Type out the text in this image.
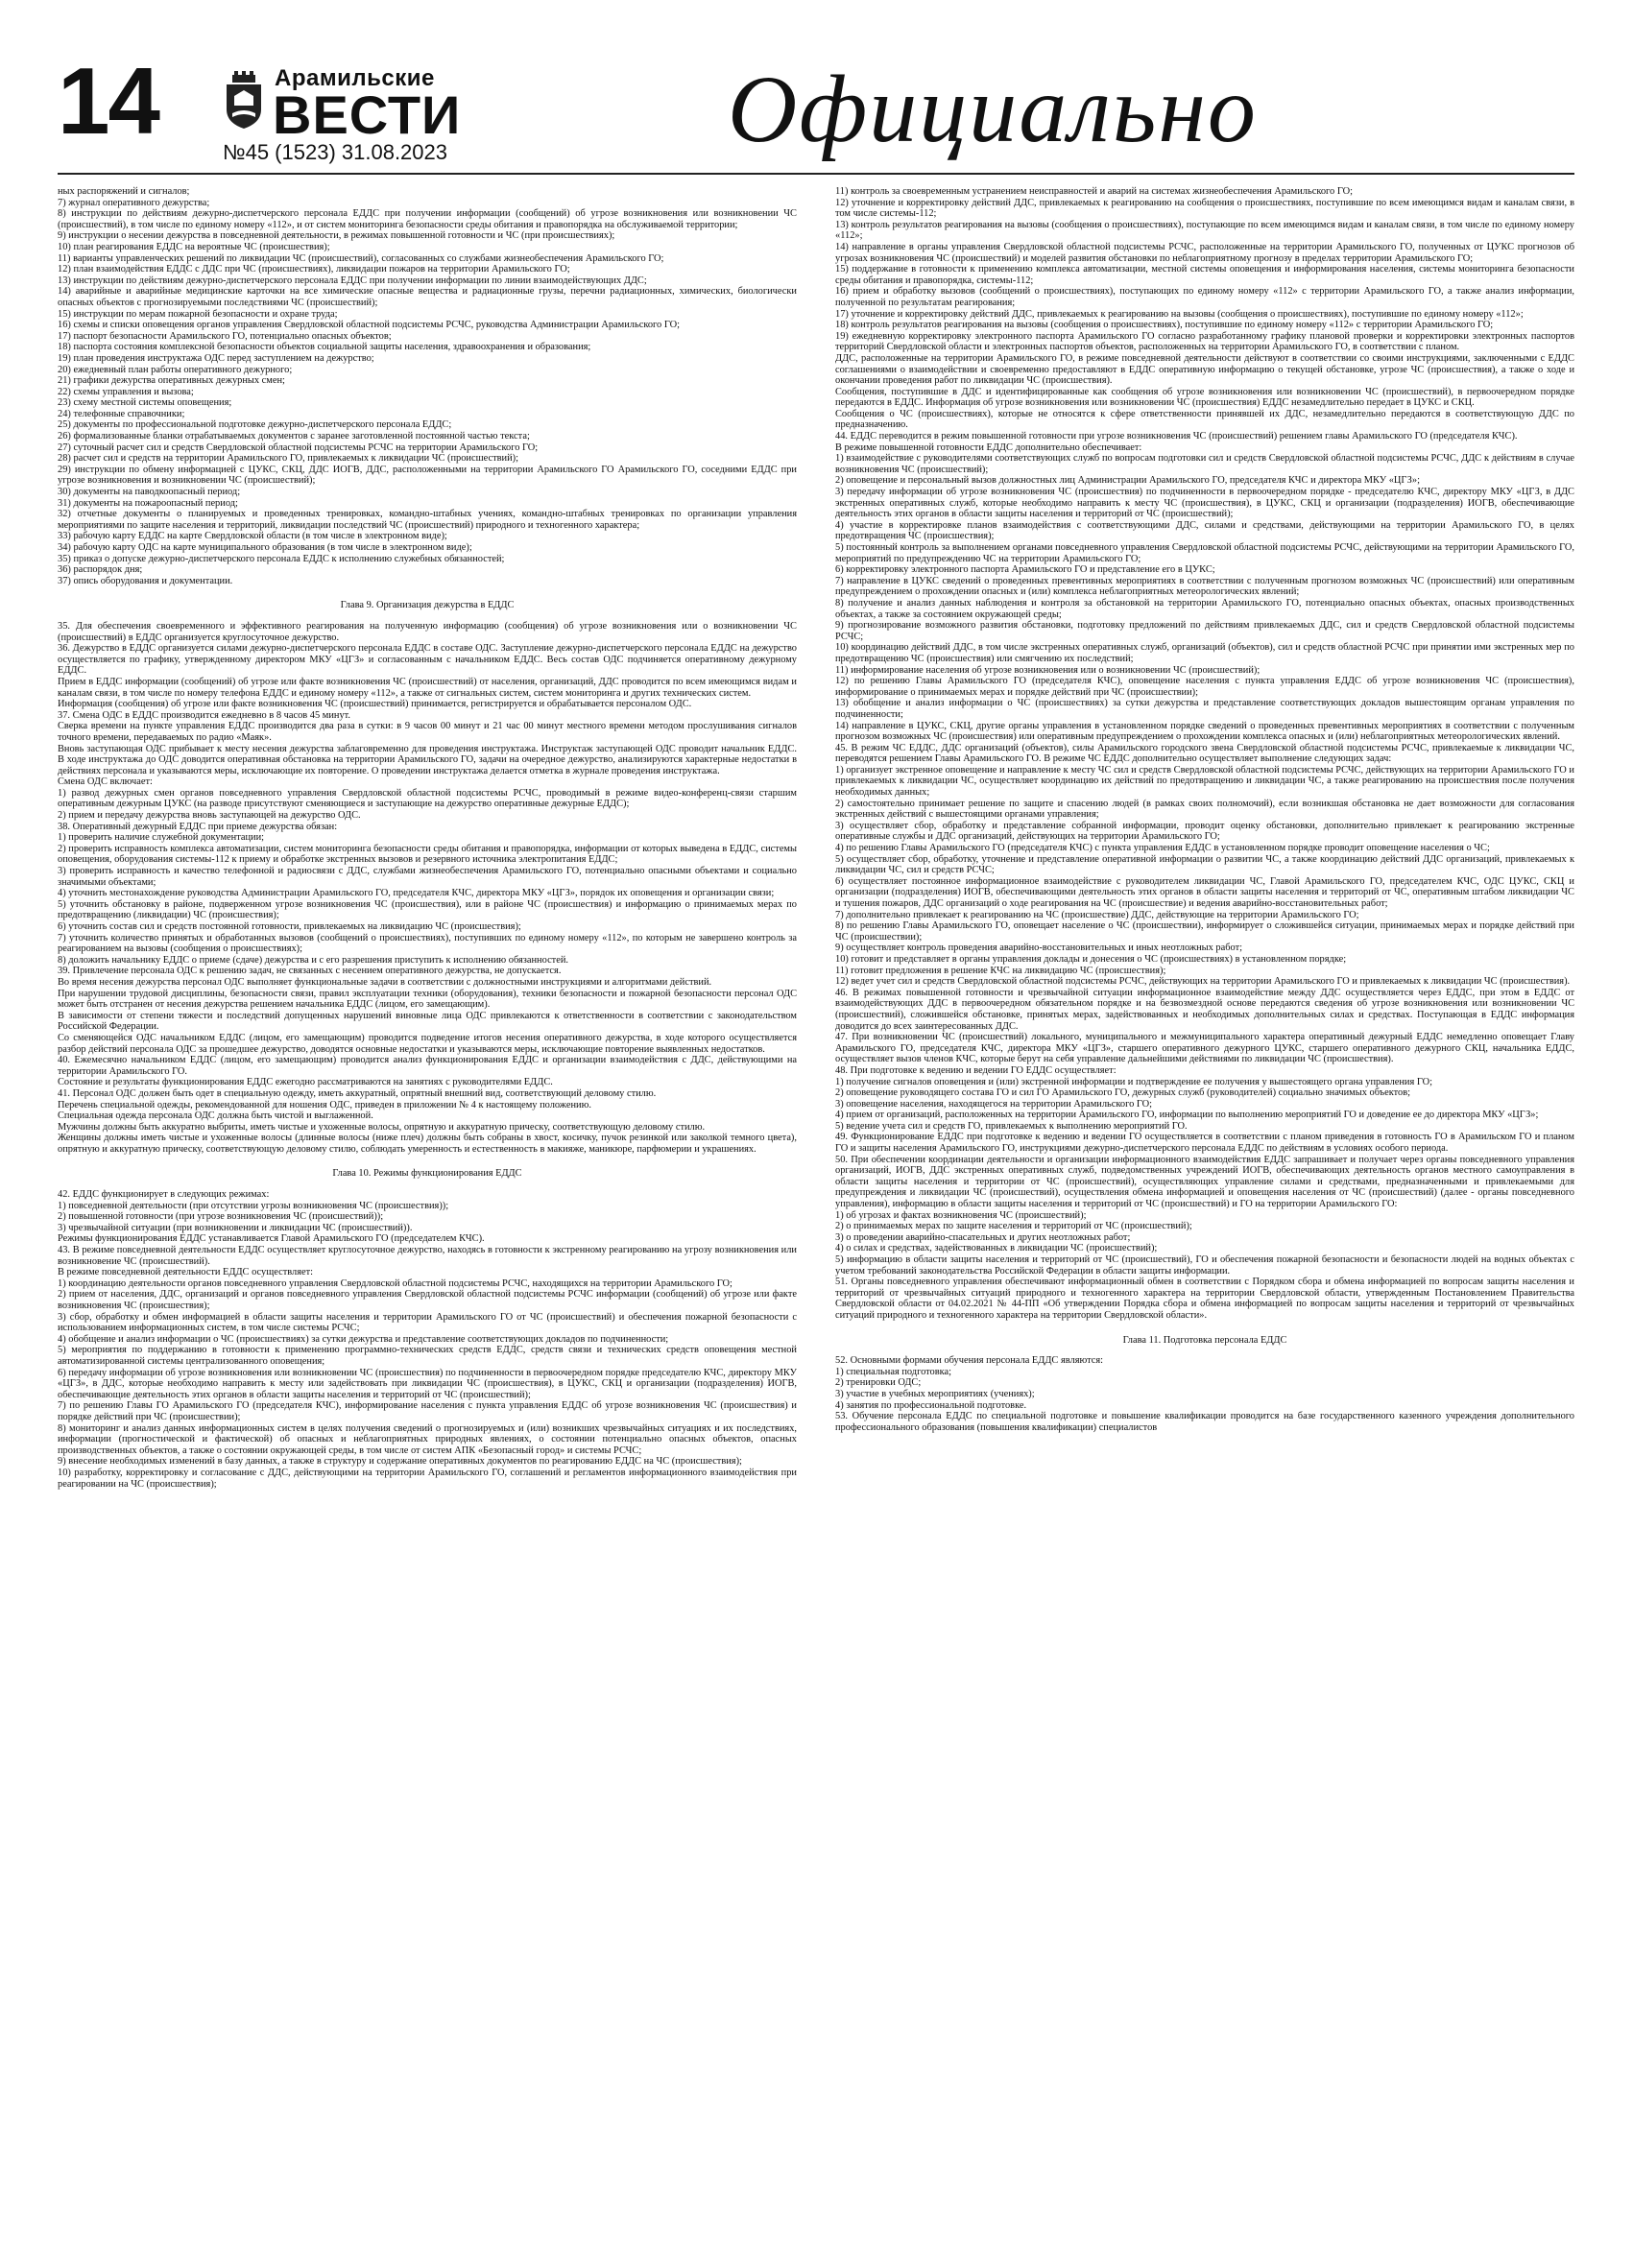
14	Арамильские
ВЕСТИ
№45 (1523) 31.08.2023	Официально

ных распоряжений и сигналов;

7) журнал оперативного дежурства;

8) инструкции по действиям дежурно-диспетчерского персонала ЕДДС при получении информации (сообщений) об угрозе возникновения или возникновении ЧС (происшествий), в том числе по единому номеру «112», и от систем мониторинга безопасности среды обитания и правопорядка на обслуживаемой территории;

9) инструкции о несении дежурства в повседневной деятельности, в режимах повышенной готовности и ЧС (при происшествиях);

10) план реагирования ЕДДС на вероятные ЧС (происшествия);

11) варианты управленческих решений по ликвидации ЧС (происшествий), согласованных со службами жизнеобеспечения Арамильского ГО;

12) план взаимодействия ЕДДС с ДДС при ЧС (происшествиях), ликвидации пожаров на территории Арамильского ГО;

13) инструкции по действиям дежурно-диспетчерского персонала ЕДДС при получении информации по линии взаимодействующих ДДС;

14) аварийные и аварийные медицинские карточки на все химические опасные вещества и радиационные грузы, перечни радиационных, химических, биологически опасных объектов с прогнозируемыми последствиями ЧС (происшествий);

15) инструкции по мерам пожарной безопасности и охране труда;

16) схемы и списки оповещения органов управления Свердловской областной подсистемы РСЧС, руководства Администрации Арамильского ГО;

17) паспорт безопасности Арамильского ГО, потенциально опасных объектов;

18) паспорта состояния комплексной безопасности объектов социальной защиты населения, здравоохранения и образования;

19) план проведения инструктажа ОДС перед заступлением на дежурство;

20) ежедневный план работы оперативного дежурного;

21) графики дежурства оперативных дежурных смен;

22) схемы управления и вызова;

23) схему местной системы оповещения;

24) телефонные справочники;

25) документы по профессиональной подготовке дежурно-диспетчерского персонала ЕДДС;

26) формализованные бланки отрабатываемых документов с заранее заготовленной постоянной частью текста;

27) суточный расчет сил и средств Свердловской областной подсистемы РСЧС на территории Арамильского ГО;

28) расчет сил и средств на территории Арамильского ГО, привлекаемых к ликвидации ЧС (происшествий);

29) инструкции по обмену информацией с ЦУКС, СКЦ, ДДС ИОГВ, ДДС, расположенными на территории Арамильского ГО Арамильского ГО, соседними ЕДДС при угрозе возникновения и возникновении ЧС (происшествий);

30) документы на паводкоопасный период;

31) документы на пожароопасный период;

32) отчетные документы о планируемых и проведенных тренировках, командно-штабных учениях, командно-штабных тренировках по организации управления мероприятиями по защите населения и территорий, ликвидации последствий ЧС (происшествий) природного и техногенного характера;

33) рабочую карту ЕДДС на карте Свердловской области (в том числе в электронном виде);

34) рабочую карту ОДС на карте муниципального образования (в том числе в электронном виде);

35) приказ о допуске дежурно-диспетчерского персонала ЕДДС к исполнению служебных обязанностей;

36) распорядок дня;

37) опись оборудования и документации.

Глава 9. Организация дежурства в ЕДДС

35. Для обеспечения своевременного и эффективного реагирования на полученную информацию (сообщения) об угрозе возникновения или о возникновении ЧС (происшествий) в ЕДДС организуется круглосуточное дежурство.

36. Дежурство в ЕДДС организуется силами дежурно-диспетчерского персонала ЕДДС в составе ОДС. Заступление дежурно-диспетчерского персонала ЕДДС на дежурство осуществляется по графику, утвержденному директором МКУ «ЦГЗ» и согласованным с начальником ЕДДС. Весь состав ОДС подчиняется оперативному дежурному ЕДДС.

Прием в ЕДДС информации (сообщений) об угрозе или факте возникновения ЧС (происшествий) от населения, организаций, ДДС проводится по всем имеющимся видам и каналам связи, в том числе по номеру телефона ЕДДС и единому номеру «112», а также от сигнальных систем, систем мониторинга и других технических систем.

Информация (сообщения) об угрозе или факте возникновения ЧС (происшествий) принимается, регистрируется и обрабатывается персоналом ОДС.

37. Смена ОДС в ЕДДС производится ежедневно в 8 часов 45 минут.

Сверка времени на пункте управления ЕДДС производится два раза в сутки: в 9 часов 00 минут и 21 час 00 минут местного времени методом прослушивания сигналов точного времени, передаваемых по радио «Маяк».

Вновь заступающая ОДС прибывает к месту несения дежурства заблаговременно для проведения инструктажа. Инструктаж заступающей ОДС проводит начальник ЕДДС. В ходе инструктажа до ОДС доводится оперативная обстановка на территории Арамильского ГО, задачи на очередное дежурство, анализируются характерные недостатки в действиях персонала и указываются меры, исключающие их повторение. О проведении инструктажа делается отметка в журнале проведения инструктажа.

Смена ОДС включает:

1) развод дежурных смен органов повседневного управления Свердловской областной подсистемы РСЧС, проводимый в режиме видео-конференц-связи старшим оперативным дежурным ЦУКС (на разводе присутствуют сменяющиеся и заступающие на дежурство оперативные дежурные ЕДДС);

2) прием и передачу дежурства вновь заступающей на дежурство ОДС.

38. Оперативный дежурный ЕДДС при приеме дежурства обязан:

1) проверить наличие служебной документации;

2) проверить исправность комплекса автоматизации, систем мониторинга безопасности среды обитания и правопорядка, информации от которых выведена в ЕДДС, системы оповещения, оборудования системы-112 к приему и обработке экстренных вызовов и резервного источника электропитания ЕДДС;

3) проверить исправность и качество телефонной и радиосвязи с ДДС, службами жизнеобеспечения Арамильского ГО, потенциально опасными объектами и социально значимыми объектами;

4) уточнить местонахождение руководства Администрации Арамильского ГО, председателя КЧС, директора МКУ «ЦГЗ», порядок их оповещения и организации связи;

5) уточнить обстановку в районе, подверженном угрозе возникновения ЧС (происшествия), или в районе ЧС (происшествия) и информацию о принимаемых мерах по предотвращению (ликвидации) ЧС (происшествия);

6) уточнить состав сил и средств постоянной готовности, привлекаемых на ликвидацию ЧС (происшествия);

7) уточнить количество принятых и обработанных вызовов (сообщений о происшествиях), поступивших по единому номеру «112», по которым не завершено контроль за реагированием на вызовы (сообщения о происшествиях);

8) доложить начальнику ЕДДС о приеме (сдаче) дежурства и с его разрешения приступить к исполнению обязанностей.

39. Привлечение персонала ОДС к решению задач, не связанных с несением оперативного дежурства, не допускается.

Во время несения дежурства персонал ОДС выполняет функциональные задачи в соответствии с должностными инструкциями и алгоритмами действий.

При нарушении трудовой дисциплины, безопасности связи, правил эксплуатации техники (оборудования), техники безопасности и пожарной безопасности персонал ОДС может быть отстранен от несения дежурства решением начальника ЕДДС (лицом, его замещающим).

В зависимости от степени тяжести и последствий допущенных нарушений виновные лица ОДС привлекаются к ответственности в соответствии с законодательством Российской Федерации.

Со сменяющейся ОДС начальником ЕДДС (лицом, его замещающим) проводится подведение итогов несения оперативного дежурства, в ходе которого осуществляется разбор действий персонала ОДС за прошедшее дежурство, доводятся основные недостатки и указываются меры, исключающие повторение выявленных недостатков.

40. Ежемесячно начальником ЕДДС (лицом, его замещающим) проводится анализ функционирования ЕДДС и организации взаимодействия с ДДС, действующими на территории Арамильского ГО.

Состояние и результаты функционирования ЕДДС ежегодно рассматриваются на занятиях с руководителями ЕДДС.

41. Персонал ОДС должен быть одет в специальную одежду, иметь аккуратный, опрятный внешний вид, соответствующий деловому стилю.

Перечень специальной одежды, рекомендованной для ношения ОДС, приведен в приложении № 4 к настоящему положению.

Специальная одежда персонала ОДС должна быть чистой и выглаженной.

Мужчины должны быть аккуратно выбриты, иметь чистые и ухоженные волосы, опрятную и аккуратную прическу, соответствующую деловому стилю.

Женщины должны иметь чистые и ухоженные волосы (длинные волосы (ниже плеч) должны быть собраны в хвост, косичку, пучок резинкой или заколкой темного цвета), опрятную и аккуратную прическу, соответствующую деловому стилю, соблюдать умеренность и естественность в макияже, маникюре, парфюмерии и украшениях.

Глава 10. Режимы функционирования ЕДДС

42. ЕДДС функционирует в следующих режимах:

1) повседневной деятельности (при отсутствии угрозы возникновения ЧС (происшествия));

2) повышенной готовности (при угрозе возникновения ЧС (происшествий));

3) чрезвычайной ситуации (при возникновении и ликвидации ЧС (происшествий)).

Режимы функционирования ЕДДС устанавливается Главой Арамильского ГО (председателем КЧС).

43. В режиме повседневной деятельности ЕДДС осуществляет круглосуточное дежурство, находясь в готовности к экстренному реагированию на угрозу возникновения или возникновение ЧС (происшествий).

В режиме повседневной деятельности ЕДДС осуществляет:

1) координацию деятельности органов повседневного управления Свердловской областной подсистемы РСЧС, находящихся на территории Арамильского ГО;

2) прием от населения, ДДС, организаций и органов повседневного управления Свердловской областной подсистемы РСЧС информации (сообщений) об угрозе или факте возникновения ЧС (происшествия);

3) сбор, обработку и обмен информацией в области защиты населения и территории Арамильского ГО от ЧС (происшествий) и обеспечения пожарной безопасности с использованием информационных систем, в том числе системы РСЧС;

4) обобщение и анализ информации о ЧС (происшествиях) за сутки дежурства и представление соответствующих докладов по подчиненности;

5) мероприятия по поддержанию в готовности к применению программно-технических средств ЕДДС, средств связи и технических средств оповещения местной автоматизированной системы централизованного оповещения;

6) передачу информации об угрозе возникновения или возникновении ЧС (происшествия) по подчиненности в первоочередном порядке председателю КЧС, директору МКУ «ЦГЗ», в ДДС, которые необходимо направить к месту или задействовать при ликвидации ЧС (происшествия), в ЦУКС, СКЦ и организации (подразделения) ИОГВ, обеспечивающие деятельность этих органов в области защиты населения и территорий от ЧС (происшествий);

7) по решению Главы ГО Арамильского ГО (председателя КЧС), информирование населения с пункта управления ЕДДС об угрозе возникновения ЧС (происшествия) и порядке действий при ЧС (происшествии);

8) мониторинг и анализ данных информационных систем в целях получения сведений о прогнозируемых и (или) возникших чрезвычайных ситуациях и их последствиях, информации (прогностической и фактической) об опасных и неблагоприятных природных явлениях, о состоянии потенциально опасных объектов, опасных производственных объектов, а также о состоянии окружающей среды, в том числе от систем АПК «Безопасный город» и системы РСЧС;

9) внесение необходимых изменений в базу данных, а также в структуру и содержание оперативных документов по реагированию ЕДДС на ЧС (происшествия);

10) разработку, корректировку и согласование с ДДС, действующими на территории Арамильского ГО, соглашений и регламентов информационного взаимодействия при реагировании на ЧС (происшествия);

11) контроль за своевременным устранением неисправностей и аварий на системах жизнеобеспечения Арамильского ГО;

12) уточнение и корректировку действий ДДС, привлекаемых к реагированию на сообщения о происшествиях, поступившие по всем имеющимся видам и каналам связи, в том числе системы-112;

13) контроль результатов реагирования на вызовы (сообщения о происшествиях), поступающие по всем имеющимся видам и каналам связи, в том числе по единому номеру «112»;

14) направление в органы управления Свердловской областной подсистемы РСЧС, расположенные на территории Арамильского ГО, полученных от ЦУКС прогнозов об угрозах возникновения ЧС (происшествий) и моделей развития обстановки по неблагоприятному прогнозу в пределах территории Арамильского ГО;

15) поддержание в готовности к применению комплекса автоматизации, местной системы оповещения и информирования населения, системы мониторинга безопасности среды обитания и правопорядка, системы-112;

16) прием и обработку вызовов (сообщений о происшествиях), поступающих по единому номеру «112» с территории Арамильского ГО, а также анализ информации, полученной по результатам реагирования;

17) уточнение и корректировку действий ДДС, привлекаемых к реагированию на вызовы (сообщения о происшествиях), поступившие по единому номеру «112»;

18) контроль результатов реагирования на вызовы (сообщения о происшествиях), поступившие по единому номеру «112» с территории Арамильского ГО;

19) ежедневную корректировку электронного паспорта Арамильского ГО согласно разработанному графику плановой проверки и корректировки электронных паспортов территорий Свердловской области и электронных паспортов объектов, расположенных на территории Арамильского ГО, в соответствии с планом.

ДДС, расположенные на территории Арамильского ГО, в режиме повседневной деятельности действуют в соответствии со своими инструкциями, заключенными с ЕДДС соглашениями о взаимодействии и своевременно предоставляют в ЕДДС оперативную информацию о текущей обстановке, угрозе ЧС (происшествия), а также о ходе и окончании проведения работ по ликвидации ЧС (происшествия).

Сообщения, поступившие в ДДС и идентифицированные как сообщения об угрозе возникновения или возникновении ЧС (происшествий), в первоочередном порядке передаются в ЕДДС. Информация об угрозе возникновения или возникновении ЧС (происшествия) ЕДДС незамедлительно передает в ЦУКС и СКЦ.

Сообщения о ЧС (происшествиях), которые не относятся к сфере ответственности принявшей их ДДС, незамедлительно передаются в соответствующую ДДС по предназначению.

44. ЕДДС переводится в режим повышенной готовности при угрозе возникновения ЧС (происшествий) решением главы Арамильского ГО (председателя КЧС).

В режиме повышенной готовности ЕДДС дополнительно обеспечивает:

1) взаимодействие с руководителями соответствующих служб по вопросам подготовки сил и средств Свердловской областной подсистемы РСЧС, ДДС к действиям в случае возникновения ЧС (происшествий);

2) оповещение и персональный вызов должностных лиц Администрации Арамильского ГО, председателя КЧС и директора МКУ «ЦГЗ»;

3) передачу информации об угрозе возникновения ЧС (происшествия) по подчиненности в первоочередном порядке - председателю КЧС, директору МКУ «ЦГЗ, в ДДС экстренных оперативных служб, которые необходимо направить к месту ЧС (происшествия), в ЦУКС, СКЦ и организации (подразделения) ИОГВ, обеспечивающие деятельность этих органов в области защиты населения и территорий от ЧС (происшествий);

4) участие в корректировке планов взаимодействия с соответствующими ДДС, силами и средствами, действующими на территории Арамильского ГО, в целях предотвращения ЧС (происшествия);

5) постоянный контроль за выполнением органами повседневного управления Свердловской областной подсистемы РСЧС, действующими на территории Арамильского ГО, мероприятий по предупреждению ЧС на территории Арамильского ГО;

6) корректировку электронного паспорта Арамильского ГО и представление его в ЦУКС;

7) направление в ЦУКС сведений о проведенных превентивных мероприятиях в соответствии с полученным прогнозом возможных ЧС (происшествий) или оперативным предупреждением о прохождении опасных и (или) комплекса неблагоприятных метеорологических явлений;

8) получение и анализ данных наблюдения и контроля за обстановкой на территории Арамильского ГО, потенциально опасных объектах, опасных производственных объектах, а также за состоянием окружающей среды;

9) прогнозирование возможного развития обстановки, подготовку предложений по действиям привлекаемых ДДС, сил и средств Свердловской областной подсистемы РСЧС;

10) координацию действий ДДС, в том числе экстренных оперативных служб, организаций (объектов), сил и средств областной РСЧС при принятии ими экстренных мер по предотвращению ЧС (происшествия) или смягчению их последствий;

11) информирование населения об угрозе возникновения или о возникновении ЧС (происшествий);

12) по решению Главы Арамильского ГО (председателя КЧС), оповещение населения с пункта управления ЕДДС об угрозе возникновения ЧС (происшествия), информирование о принимаемых мерах и порядке действий при ЧС (происшествии);

13) обобщение и анализ информации о ЧС (происшествиях) за сутки дежурства и представление соответствующих докладов вышестоящим органам управления по подчиненности;

14) направление в ЦУКС, СКЦ, другие органы управления в установленном порядке сведений о проведенных превентивных мероприятиях в соответствии с полученным прогнозом возможных ЧС (происшествия) или оперативным предупреждением о прохождении комплекса опасных и (или) неблагоприятных метеорологических явлений.

45. В режим ЧС ЕДДС, ДДС организаций (объектов), силы Арамильского городского звена Свердловской областной подсистемы РСЧС, привлекаемые к ликвидации ЧС, переводятся решением Главы Арамильского ГО. В режиме ЧС ЕДДС дополнительно осуществляет выполнение следующих задач:

1) организует экстренное оповещение и направление к месту ЧС сил и средств Свердловской областной подсистемы РСЧС, действующих на территории Арамильского ГО и привлекаемых к ликвидации ЧС, осуществляет координацию их действий по предотвращению и ликвидации ЧС, а также реагированию на происшествия после получения необходимых данных;

2) самостоятельно принимает решение по защите и спасению людей (в рамках своих полномочий), если возникшая обстановка не дает возможности для согласования экстренных действий с вышестоящими органами управления;

3) осуществляет сбор, обработку и представление собранной информации, проводит оценку обстановки, дополнительно привлекает к реагированию экстренные оперативные службы и ДДС организаций, действующих на территории Арамильского ГО;

4) по решению Главы Арамильского ГО (председателя КЧС) с пункта управления ЕДДС в установленном порядке проводит оповещение населения о ЧС;

5) осуществляет сбор, обработку, уточнение и представление оперативной информации о развитии ЧС, а также координацию действий ДДС организаций, привлекаемых к ликвидации ЧС, сил и средств РСЧС;

6) осуществляет постоянное информационное взаимодействие с руководителем ликвидации ЧС, Главой Арамильского ГО, председателем КЧС, ОДС ЦУКС, СКЦ и организации (подразделения) ИОГВ, обеспечивающими деятельность этих органов в области защиты населения и территорий от ЧС, оперативным штабом ликвидации ЧС и тушения пожаров, ДДС организаций о ходе реагирования на ЧС (происшествие) и ведения аварийно-восстановительных работ;

7) дополнительно привлекает к реагированию на ЧС (происшествие) ДДС, действующие на территории Арамильского ГО;

8) по решению Главы Арамильского ГО, оповещает население о ЧС (происшествии), информирует о сложившейся ситуации, принимаемых мерах и порядке действий при ЧС (происшествии);

9) осуществляет контроль проведения аварийно-восстановительных и иных неотложных работ;

10) готовит и представляет в органы управления доклады и донесения о ЧС (происшествиях) в установленном порядке;

11) готовит предложения в решение КЧС на ликвидацию ЧС (происшествия);

12) ведет учет сил и средств Свердловской областной подсистемы РСЧС, действующих на территории Арамильского ГО и привлекаемых к ликвидации ЧС (происшествия).

46. В режимах повышенной готовности и чрезвычайной ситуации информационное взаимодействие между ДДС осуществляется через ЕДДС, при этом в ЕДДС от взаимодействующих ДДС в первоочередном обязательном порядке и на безвозмездной основе передаются сведения об угрозе возникновения или возникновении ЧС (происшествий), сложившейся обстановке, принятых мерах, задействованных и необходимых дополнительных силах и средствах. Поступающая в ЕДДС информация доводится до всех заинтересованных ДДС.

47. При возникновении ЧС (происшествий) локального, муниципального и межмуниципального характера оперативный дежурный ЕДДС немедленно оповещает Главу Арамильского ГО, председателя КЧС, директора МКУ «ЦГЗ», старшего оперативного дежурного ЦУКС, старшего оперативного дежурного СКЦ, начальника ЕДДС, осуществляет вызов членов КЧС, которые берут на себя управление дальнейшими действиями по ликвидации ЧС (происшествия).

48. При подготовке к ведению и ведении ГО ЕДДС осуществляет:

1) получение сигналов оповещения и (или) экстренной информации и подтверждение ее получения у вышестоящего органа управления ГО;

2) оповещение руководящего состава ГО и сил ГО Арамильского ГО, дежурных служб (руководителей) социально значимых объектов;

3) оповещение населения, находящегося на территории Арамильского ГО;

4) прием от организаций, расположенных на территории Арамильского ГО, информации по выполнению мероприятий ГО и доведение ее до директора МКУ «ЦГЗ»;

5) ведение учета сил и средств ГО, привлекаемых к выполнению мероприятий ГО.

49. Функционирование ЕДДС при подготовке к ведению и ведении ГО осуществляется в соответствии с планом приведения в готовность ГО в Арамильском ГО и планом ГО и защиты населения Арамильского ГО, инструкциями дежурно-диспетчерского персонала ЕДДС по действиям в условиях особого периода.

50. При обеспечении координации деятельности и организации информационного взаимодействия ЕДДС запрашивает и получает через органы повседневного управления организаций, ИОГВ, ДДС экстренных оперативных служб, подведомственных учреждений ИОГВ, обеспечивающих деятельность органов местного самоуправления в области защиты населения и территории от ЧС (происшествий), осуществляющих управление силами и средствами, предназначенными и привлекаемыми для предупреждения и ликвидации ЧС (происшествий), осуществления обмена информацией и оповещения населения от ЧС (происшествий) (далее - органы повседневного управления), информацию в области защиты населения и территорий от ЧС (происшествий) и ГО на территории Арамильского ГО:

1) об угрозах и фактах возникновения ЧС (происшествий);

2) о принимаемых мерах по защите населения и территорий от ЧС (происшествий);

3) о проведении аварийно-спасательных и других неотложных работ;

4) о силах и средствах, задействованных в ликвидации ЧС (происшествий);

5) информацию в области защиты населения и территорий от ЧС (происшествий), ГО и обеспечения пожарной безопасности и безопасности людей на водных объектах с учетом требований законодательства Российской Федерации в области защиты информации.

51. Органы повседневного управления обеспечивают информационный обмен в соответствии с Порядком сбора и обмена информацией по вопросам защиты населения и территорий от чрезвычайных ситуаций природного и техногенного характера на территории Свердловской области, утвержденным Постановлением Правительства Свердловской области от 04.02.2021 № 44-ПП «Об утверждении Порядка сбора и обмена информацией по вопросам защиты населения и территорий от чрезвычайных ситуаций природного и техногенного характера на территории Свердловской области».

Глава 11. Подготовка персонала ЕДДС

52. Основными формами обучения персонала ЕДДС являются:

1) специальная подготовка;

2) тренировки ОДС;

3) участие в учебных мероприятиях (учениях);

4) занятия по профессиональной подготовке.

53. Обучение персонала ЕДДС по специальной подготовке и повышение квалификации проводится на базе государственного казенного учреждения дополнительного профессионального образования (повышения квалификации) специалистов
